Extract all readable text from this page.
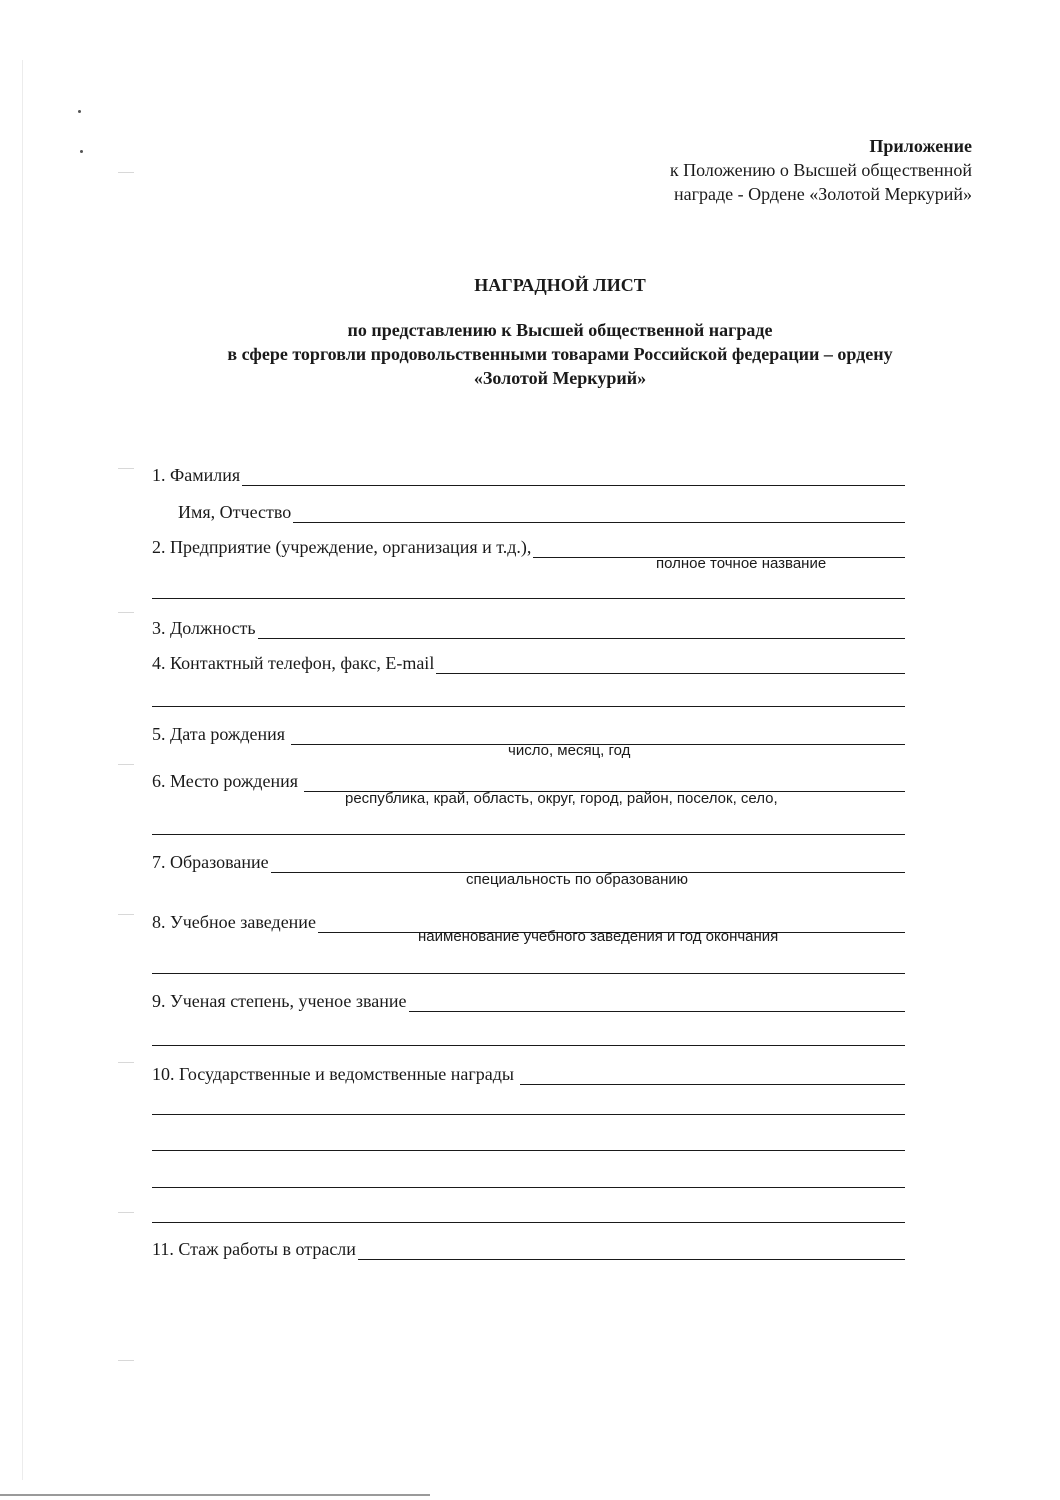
Приложение
к Положению о Высшей общественной
награде - Ордене «Золотой Меркурий»
НАГРАДНОЙ ЛИСТ
по представлению к Высшей общественной награде
в сфере торговли продовольственными товарами Российской федерации – ордену
«Золотой Меркурий»
1. Фамилия
Имя, Отчество
2. Предприятие (учреждение, организация и т.д.),
полное точное название
3. Должность
4. Контактный телефон, факс, E-mail
5. Дата рождения
число, месяц, год
6. Место рождения
республика, край, область, округ, город, район, поселок, село,
7. Образование
специальность по образованию
8. Учебное заведение
наименование учебного заведения и год окончания
9. Ученая степень, ученое звание
10. Государственные и ведомственные награды
11. Стаж работы в отрасли
